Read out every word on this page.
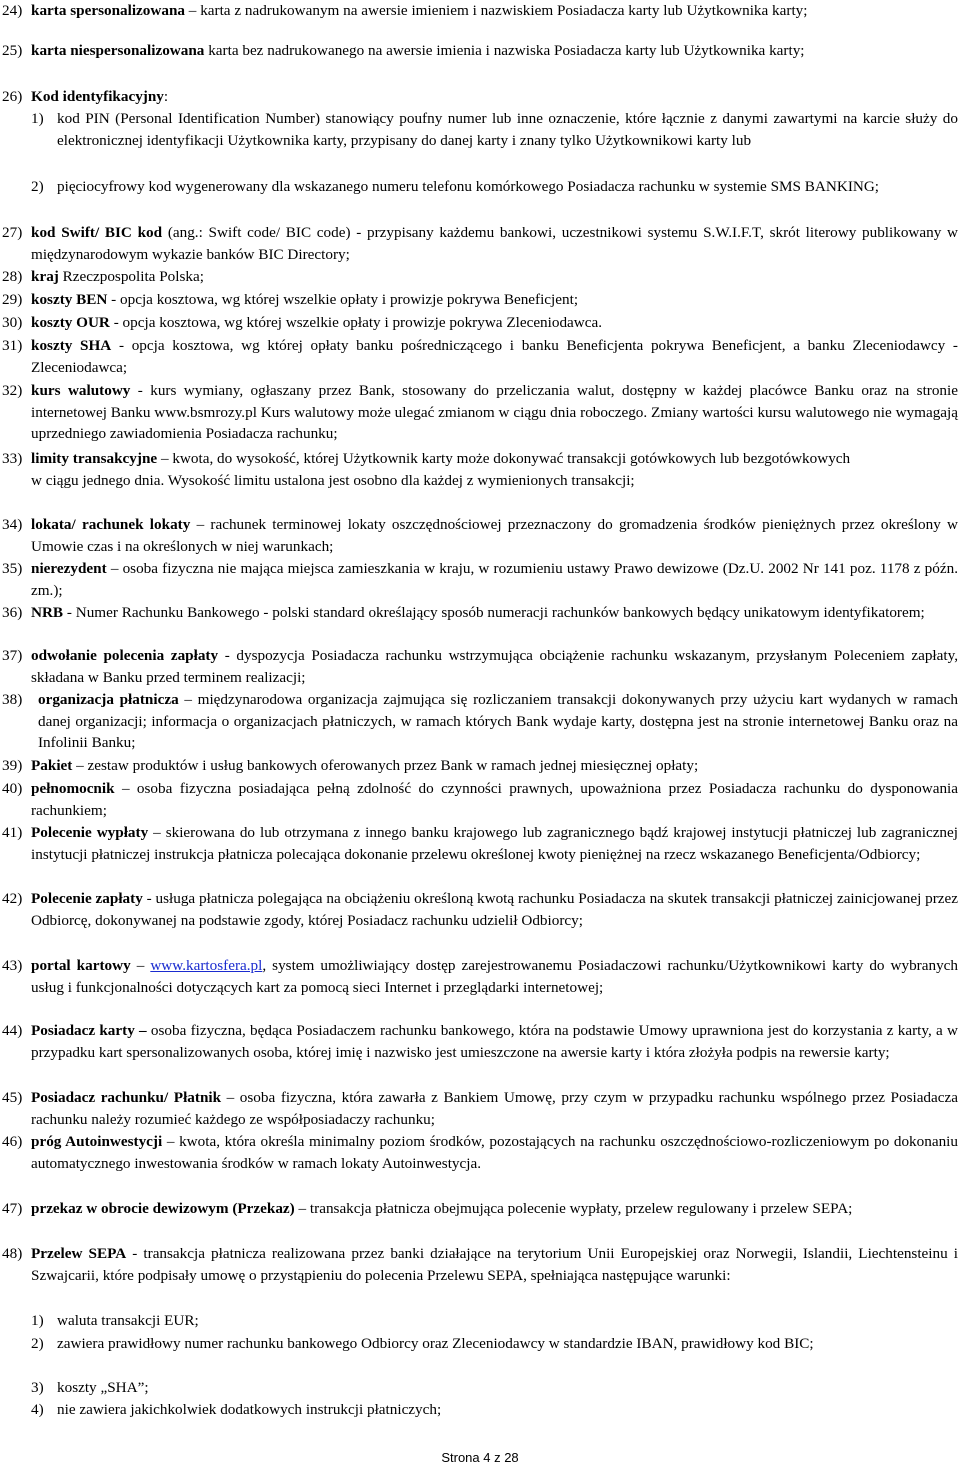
24) karta spersonalizowana – karta z nadrukowanym na awersie imieniem i nazwiskiem Posiadacza karty lub Użytkownika karty;
25) karta niespersonalizowana karta bez nadrukowanego na awersie imienia i nazwiska Posiadacza karty lub Użytkownika karty;
26) Kod identyfikacyjny:
1) kod PIN (Personal Identification Number) stanowiący poufny numer lub inne oznaczenie, które łącznie z danymi zawartymi na karcie służy do elektronicznej identyfikacji Użytkownika karty, przypisany do danej karty i znany tylko Użytkownikowi karty lub
2) pięciocyfrowy kod wygenerowany dla wskazanego numeru telefonu komórkowego Posiadacza rachunku w systemie SMS BANKING;
27) kod Swift/ BIC kod (ang.: Swift code/ BIC code) - przypisany każdemu bankowi, uczestnikowi systemu S.W.I.F.T, skrót literowy publikowany w międzynarodowym wykazie banków BIC Directory;
28) kraj Rzeczpospolita Polska;
29) koszty BEN - opcja kosztowa, wg której wszelkie opłaty i prowizje pokrywa Beneficjent;
30) koszty OUR - opcja kosztowa, wg której wszelkie opłaty i prowizje pokrywa Zleceniodawca.
31) koszty SHA - opcja kosztowa, wg której opłaty banku pośredniczącego i banku Beneficjenta pokrywa Beneficjent, a banku Zleceniodawcy - Zleceniodawca;
32) kurs walutowy - kurs wymiany, ogłaszany przez Bank, stosowany do przeliczania walut, dostępny w każdej placówce Banku oraz na stronie internetowej Banku www.bsmrozy.pl Kurs walutowy może ulegać zmianom w ciągu dnia roboczego. Zmiany wartości kursu walutowego nie wymagają uprzedniego zawiadomienia Posiadacza rachunku;
33) limity transakcyjne – kwota, do wysokość, której Użytkownik karty może dokonywać transakcji gotówkowych lub bezgotówkowych
w ciągu jednego dnia. Wysokość limitu ustalona jest osobno dla każdej z wymienionych transakcji;
34) lokata/ rachunek lokaty – rachunek terminowej lokaty oszczędnościowej przeznaczony do gromadzenia środków pieniężnych przez określony w Umowie czas i na określonych w niej warunkach;
35) nierezydent – osoba fizyczna nie mająca miejsca zamieszkania w kraju, w rozumieniu ustawy Prawo dewizowe (Dz.U. 2002 Nr 141 poz. 1178 z późn. zm.);
36) NRB - Numer Rachunku Bankowego - polski standard określający sposób numeracji rachunków bankowych będący unikatowym identyfikatorem;
37) odwołanie polecenia zapłaty - dyspozycja Posiadacza rachunku wstrzymująca obciążenie rachunku wskazanym, przysłanym Poleceniem zapłaty, składana w Banku przed terminem realizacji;
38) organizacja płatnicza – międzynarodowa organizacja zajmująca się rozliczaniem transakcji dokonywanych przy użyciu kart wydanych w ramach danej organizacji; informacja o organizacjach płatniczych, w ramach których Bank wydaje karty, dostępna jest na stronie internetowej Banku oraz na Infolinii Banku;
39) Pakiet – zestaw produktów i usług bankowych oferowanych przez Bank w ramach jednej miesięcznej opłaty;
40) pełnomocnik – osoba fizyczna posiadająca pełną zdolność do czynności prawnych, upoważniona przez Posiadacza rachunku do dysponowania rachunkiem;
41) Polecenie wypłaty – skierowana do lub otrzymana z innego banku krajowego lub zagranicznego bądź krajowej instytucji płatniczej lub zagranicznej instytucji płatniczej instrukcja płatnicza polecająca dokonanie przelewu określonej kwoty pieniężnej na rzecz wskazanego Beneficjenta/Odbiorcy;
42) Polecenie zapłaty - usługa płatnicza polegająca na obciążeniu określoną kwotą rachunku Posiadacza na skutek transakcji płatniczej zainicjowanej przez Odbiorcę, dokonywanej na podstawie zgody, której Posiadacz rachunku udzielił Odbiorcy;
43) portal kartowy – www.kartosfera.pl, system umożliwiający dostęp zarejestrowanemu Posiadaczowi rachunku/Użytkownikowi karty do wybranych usług i funkcjonalności dotyczących kart za pomocą sieci Internet i przeglądarki internetowej;
44) Posiadacz karty – osoba fizyczna, będąca Posiadaczem rachunku bankowego, która na podstawie Umowy uprawniona jest do korzystania z karty, a w przypadku kart spersonalizowanych osoba, której imię i nazwisko jest umieszczone na awersie karty i która złożyła podpis na rewersie karty;
45) Posiadacz rachunku/ Płatnik – osoba fizyczna, która zawarła z Bankiem Umowę, przy czym w przypadku rachunku wspólnego przez Posiadacza rachunku należy rozumieć każdego ze współposiadaczy rachunku;
46) próg Autoinwestycji – kwota, która określa minimalny poziom środków, pozostających na rachunku oszczędnościowo-rozliczeniowym po dokonaniu automatycznego inwestowania środków w ramach lokaty Autoinwestycja.
47) przekaz w obrocie dewizowym (Przekaz) – transakcja płatnicza obejmująca polecenie wypłaty, przelew regulowany i przelew SEPA;
48) Przelew SEPA - transakcja płatnicza realizowana przez banki działające na terytorium Unii Europejskiej oraz Norwegii, Islandii, Liechtensteinu i Szwajcarii, które podpisały umowę o przystąpieniu do polecenia Przelewu SEPA, spełniająca następujące warunki:
1) waluta transakcji EUR;
2) zawiera prawidłowy numer rachunku bankowego Odbiorcy oraz Zleceniodawcy w standardzie IBAN, prawidłowy kod BIC;
3) koszty „SHA”;
4) nie zawiera jakichkolwiek dodatkowych instrukcji płatniczych;
Strona 4 z 28
